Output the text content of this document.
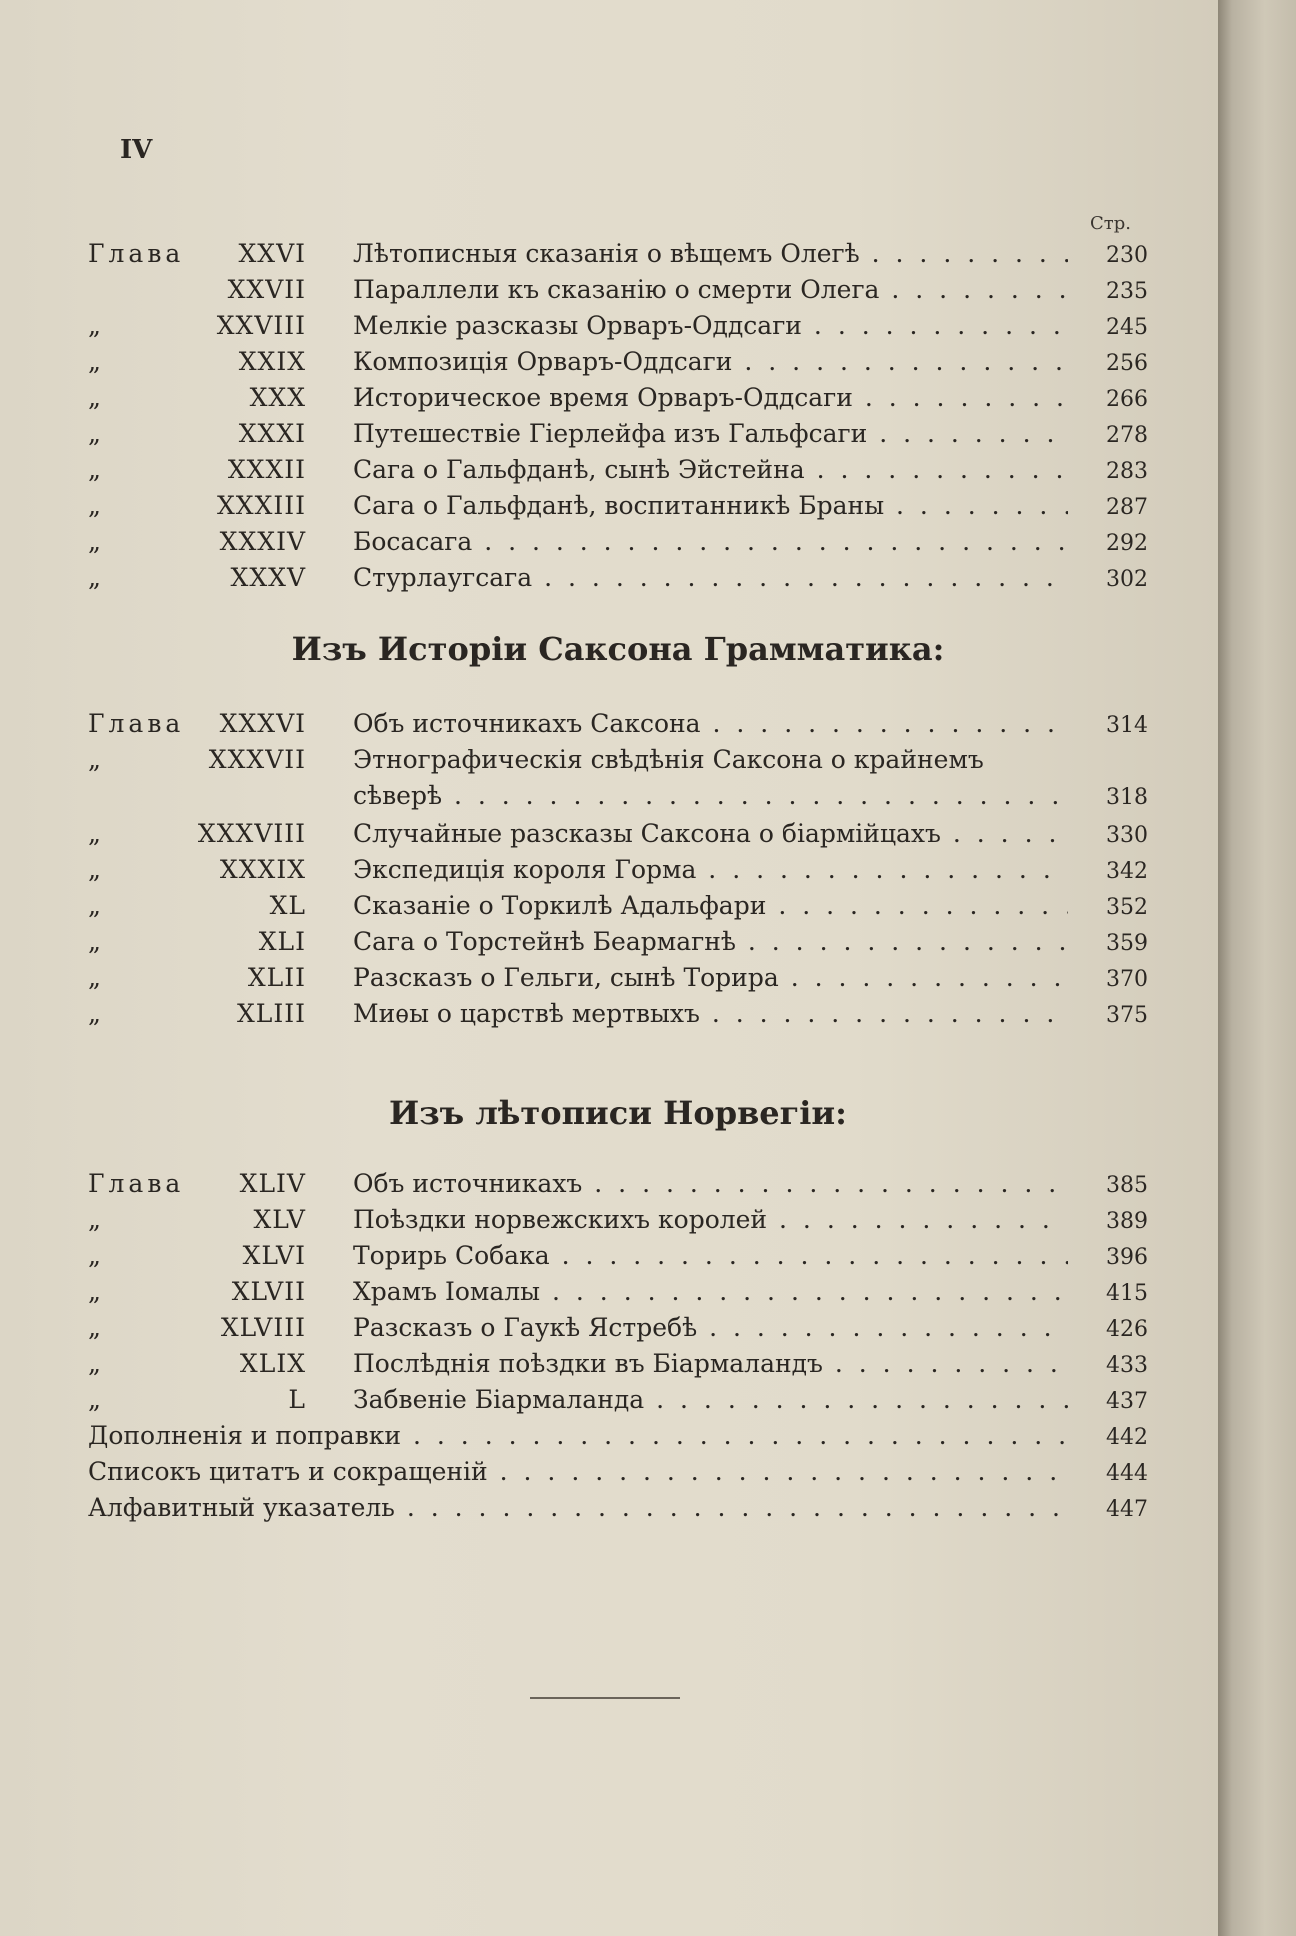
IV
Стр.
Глава XXVI Лѣтописныя сказанія о вѣщемъ Олегѣ . . .	230
XXVII Параллели къ сказанію о смерти Олега . . .	235
„	XXVIII Мелкіе разсказы Орваръ-Оддсаги . . .	245
„	XXIX Композиція Орваръ-Оддсаги . . .	256
„	XXX Историческое время Орваръ-Оддсаги . . .	266
„	XXXI Путешествіе Гіерлейфа изъ Гальфсаги . . .	278
„	XXXII Сага о Гальфданѣ, сынѣ Эйстейна . . .	283
„	XXXIII Сага о Гальфданѣ, воспитанникѣ Браны . . .	287
„	XXXIV Босасага . . .	292
„	XXXV Стурлаугсага . . .	302
Изъ Исторіи Саксона Грамматика:
Глава XXXVI Объ источникахъ Саксона . . .	314
„	XXXVII Этнографическія свѣдѣнія Саксона о крайнемъ
сѣверѣ . . .	318
„	XXXVIII Случайные разсказы Саксона о біармійцахъ . . .	330
„	XXXIX Экспедиція короля Горма . . .	342
„	XL Сказаніе о Торкилѣ Адальфари . . .	352
„	XLI Сага о Торстейнѣ Беармагнѣ . . .	359
„	XLII Разсказъ о Гельги, сынѣ Торира . . .	370
„	XLIII Миѳы о царствѣ мертвыхъ . . .	375
Изъ лѣтописи Норвегіи:
Глава XLIV Объ источникахъ . . .	385
„	XLV Поѣздки норвежскихъ королей . . .	389
„	XLVI Торирь Собака . . .	396
„	XLVII Храмъ Іомалы . . .	415
„	XLVIII Разсказъ о Гаукѣ Ястребѣ . . .	426
„	XLIX Послѣднія поѣздки въ Біармаландъ . . .	433
„	L Забвеніе Біармаланда . . .	437
Дополненія и поправки . . .	442
Списокъ цитатъ и сокращеній . . .	444
Алфавитный указатель . . .	447
